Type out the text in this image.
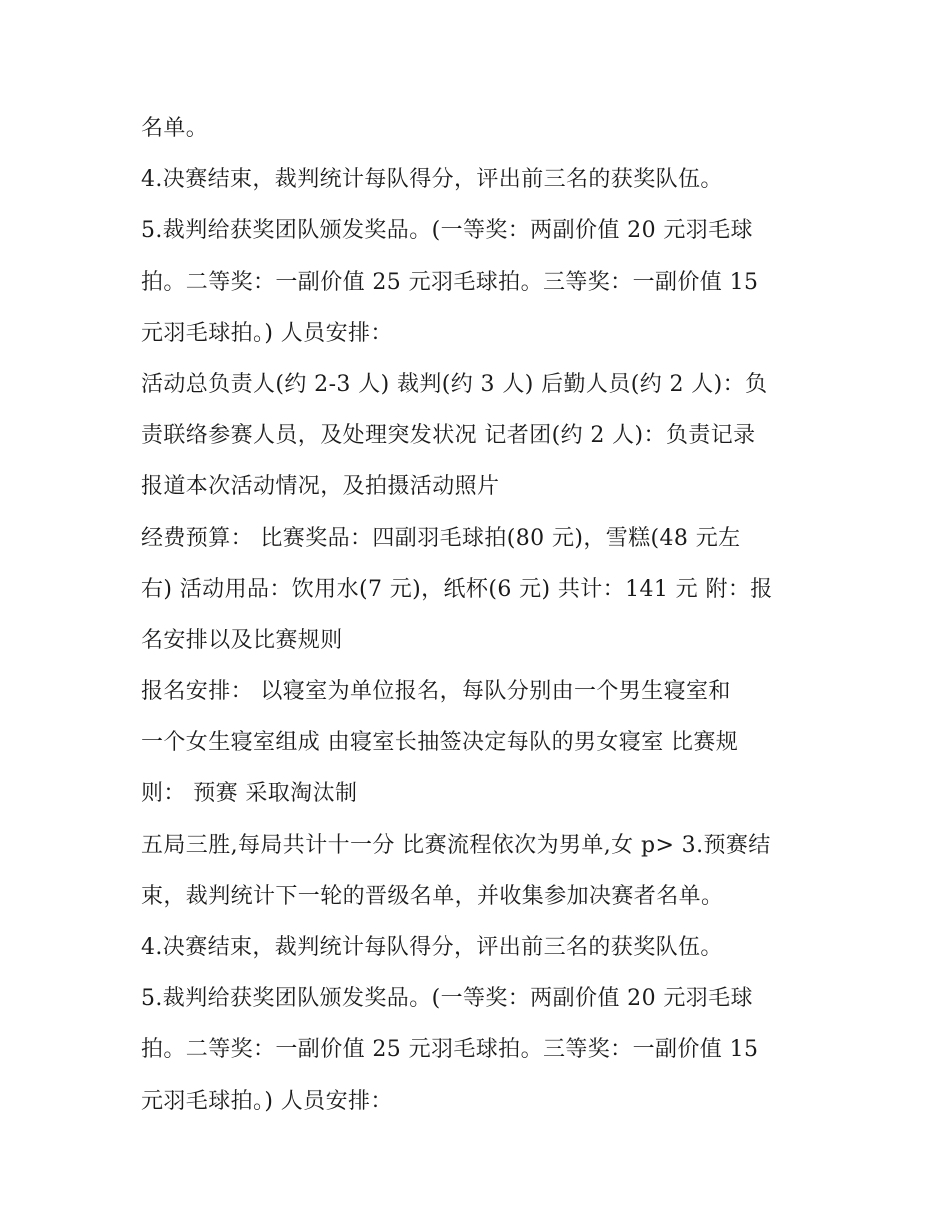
名单。
4.决赛结束，裁判统计每队得分，评出前三名的获奖队伍。
5.裁判给获奖团队颁发奖品。(一等奖：两副价值 20 元羽毛球
拍。二等奖：一副价值 25 元羽毛球拍。三等奖：一副价值 15
元羽毛球拍。) 人员安排：
活动总负责人(约 2-3 人) 裁判(约 3 人) 后勤人员(约 2 人)：负
责联络参赛人员，及处理突发状况 记者团(约 2 人)：负责记录
报道本次活动情况，及拍摄活动照片
经费预算： 比赛奖品：四副羽毛球拍(80 元)，雪糕(48 元左
右) 活动用品：饮用水(7 元)，纸杯(6 元) 共计：141 元 附：报
名安排以及比赛规则
报名安排： 以寝室为单位报名，每队分别由一个男生寝室和
一个女生寝室组成 由寝室长抽签决定每队的男女寝室 比赛规
则： 预赛 采取淘汰制
五局三胜,每局共计十一分 比赛流程依次为男单,女 p> 3.预赛结
束，裁判统计下一轮的晋级名单，并收集参加决赛者名单。
4.决赛结束，裁判统计每队得分，评出前三名的获奖队伍。
5.裁判给获奖团队颁发奖品。(一等奖：两副价值 20 元羽毛球
拍。二等奖：一副价值 25 元羽毛球拍。三等奖：一副价值 15
元羽毛球拍。) 人员安排：
